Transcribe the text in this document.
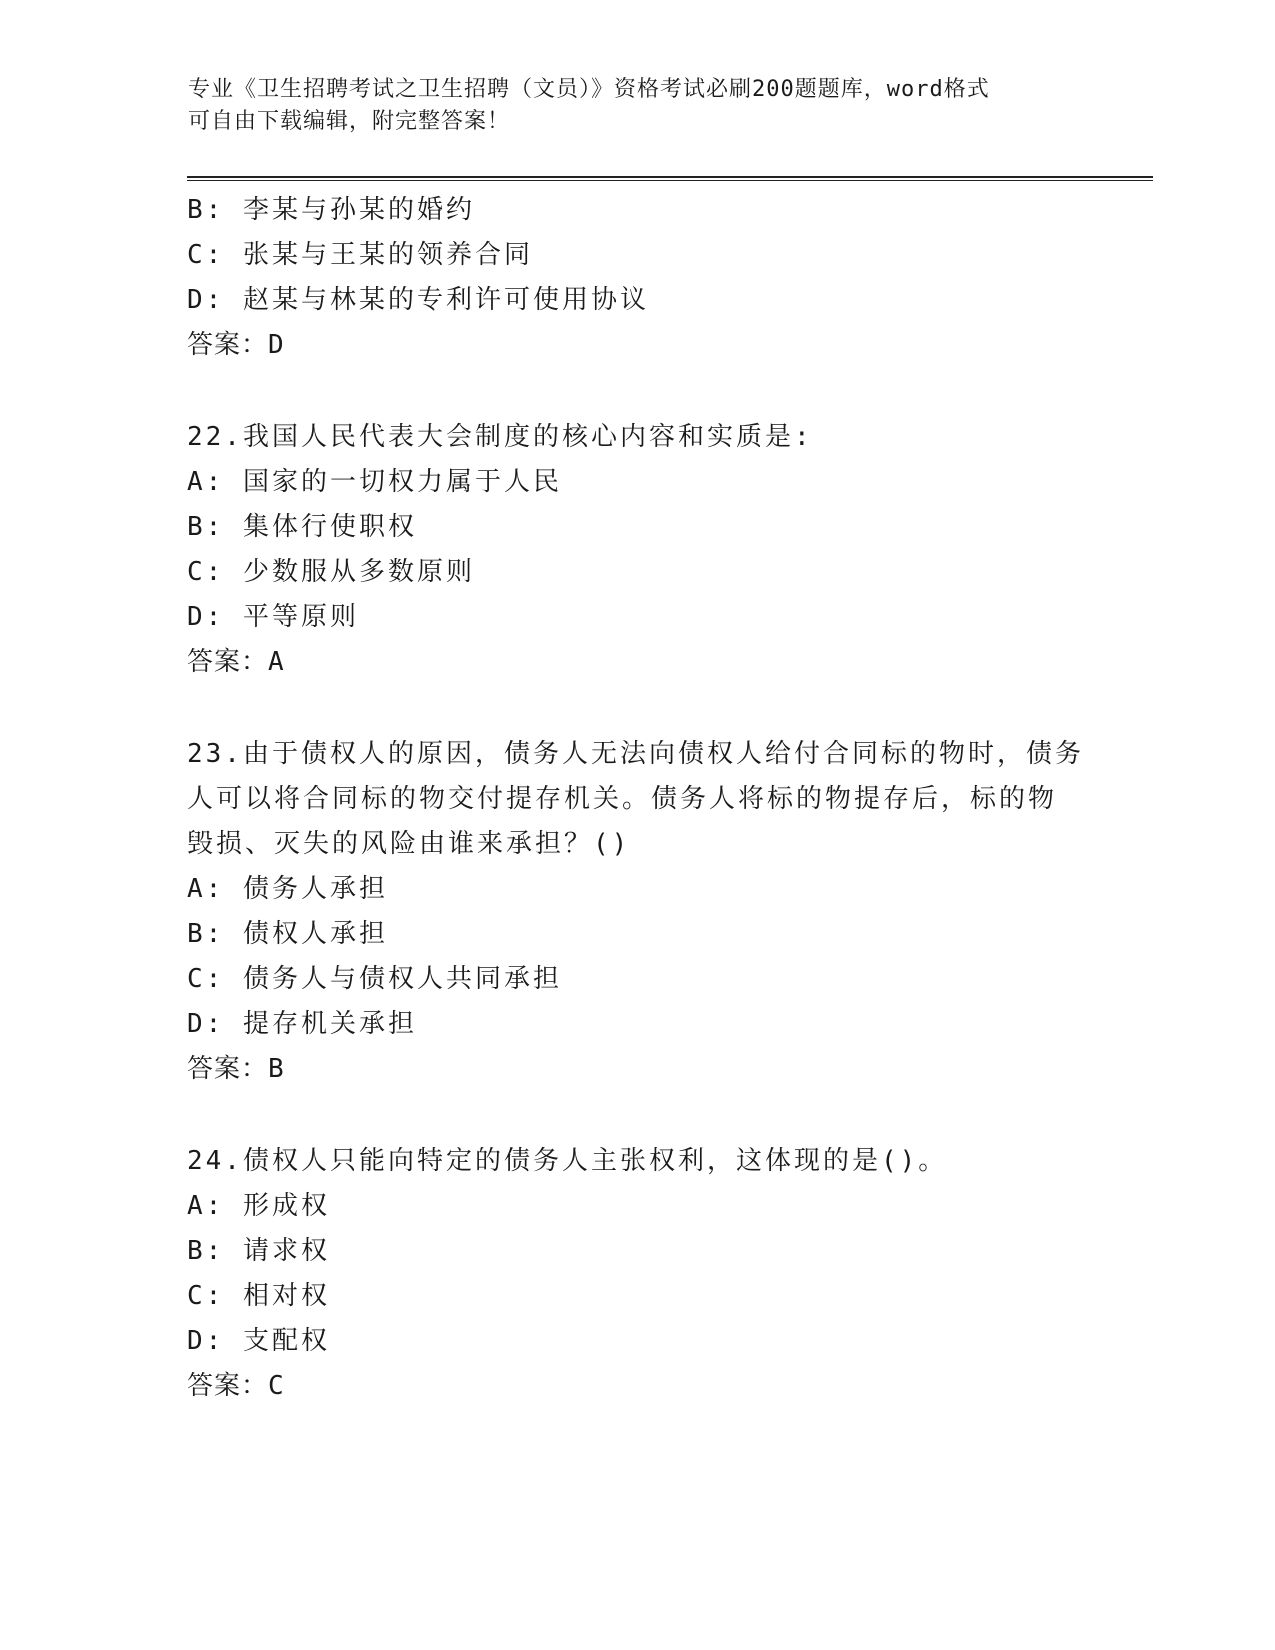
专业《卫生招聘考试之卫生招聘（文员）》资格考试必刷200题题库，word格式
可自由下载编辑，附完整答案！
B: 李某与孙某的婚约
C: 张某与王某的领养合同
D: 赵某与林某的专利许可使用协议
答案：D
22.我国人民代表大会制度的核心内容和实质是:
A: 国家的一切权力属于人民
B: 集体行使职权
C: 少数服从多数原则
D: 平等原则
答案：A
23.由于债权人的原因，债务人无法向债权人给付合同标的物时，债务
人可以将合同标的物交付提存机关。债务人将标的物提存后，标的物
毁损、灭失的风险由谁来承担？()
A: 债务人承担
B: 债权人承担
C: 债务人与债权人共同承担
D: 提存机关承担
答案：B
24.债权人只能向特定的债务人主张权利，这体现的是()。
A: 形成权
B: 请求权
C: 相对权
D: 支配权
答案：C
